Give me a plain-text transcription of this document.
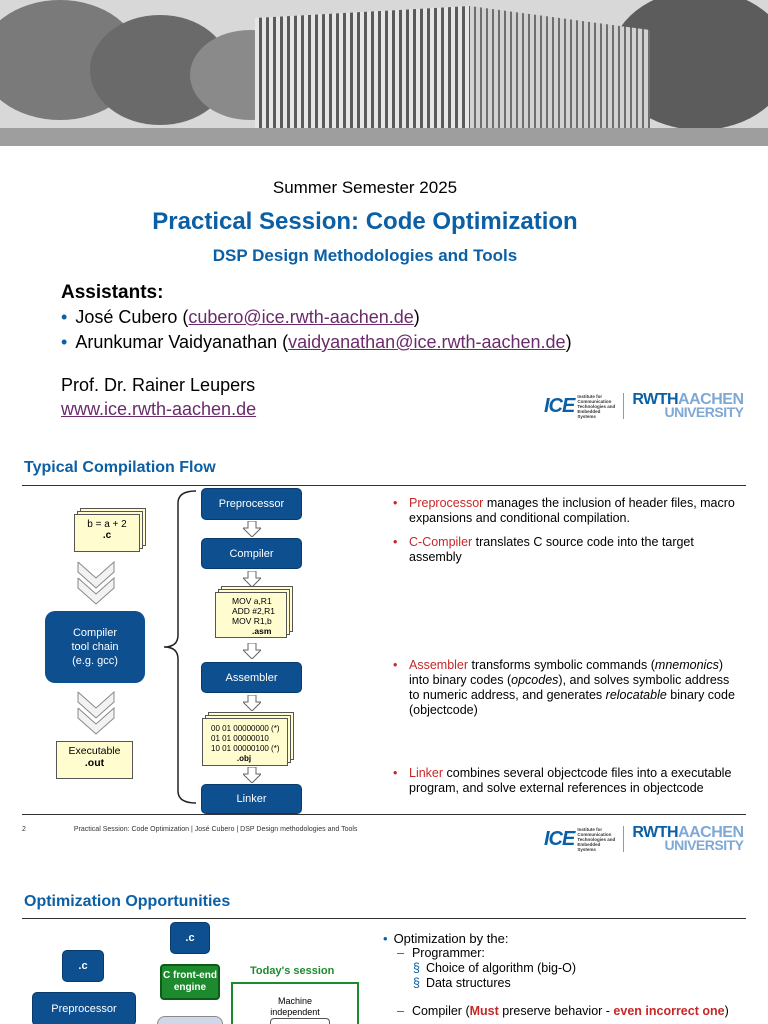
Summer Semester 2025
Practical Session: Code Optimization
DSP Design Methodologies and Tools
Assistants:
• José Cubero (cubero@ice.rwth-aachen.de)
• Arunkumar Vaidyanathan (vaidyanathan@ice.rwth-aachen.de)
Prof. Dr. Rainer Leupers
www.ice.rwth-aachen.de	ICE Institute for Communication Technologies and Embedded Systems
RWTHAACHEN
UNIVERSITY
Typical Compilation Flow
b = a + 2
.c
Compiler
tool chain
(e.g. gcc)
Executable
.out
Preprocessor
Compiler
MOV a,R1
ADD #2,R1
MOV R1,b
.asm
Assembler
00 01 00000000 (*)
01 01 00000010
10 01 00000100 (*)
.obj
Linker
• Preprocessor manages the inclusion of header files, macro expansions and conditional compilation.
• C-Compiler translates C source code into the target assembly
• Assembler transforms symbolic commands (mnemonics) into binary codes (opcodes), and solves symbolic address to numeric address, and generates relocatable binary code (objectcode)
• Linker combines several objectcode files into a executable program, and solve external references in objectcode
2	Practical Session: Code Optimization | José Cubero | DSP Design methodologies and Tools	ICE Institute for Communication Technologies and Embedded Systems
RWTHAACHEN
UNIVERSITY
Optimization Opportunities
.c
Preprocessor
.c
C front-end
engine
Today's session
Machine
independent
• Optimization by the:
– Programmer:
§ Choice of algorithm (big-O)
§ Data structures
– Compiler (Must preserve behavior - even incorrect one)
